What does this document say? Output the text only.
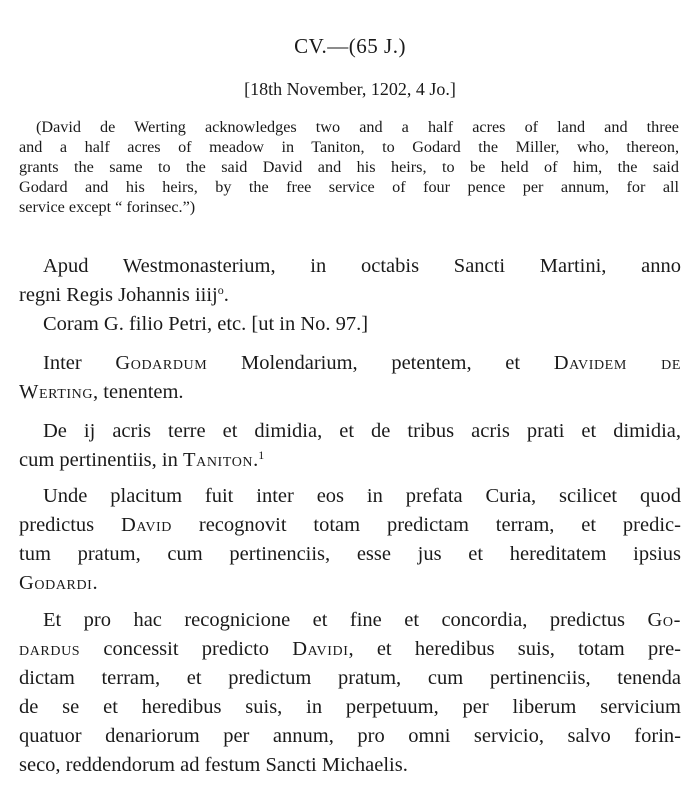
CV.—(65 J.)
[18th November, 1202, 4 Jo.]
(David de Werting acknowledges two and a half acres of land and three
and a half acres of meadow in Taniton, to Godard the Miller, who, thereon,
grants the same to the said David and his heirs, to be held of him, the said
Godard and his heirs, by the free service of four pence per annum, for all
service except “ forinsec.”)
Apud Westmonasterium, in octabis Sancti Martini, anno
regni Regis Johannis iiij$^o$.
Coram G. filio Petri, etc. [ut in No. 97.]
Inter Godardum Molendarium, petentem, et Davidem de
Werting, tenentem.
De ij acris terre et dimidia, et de tribus acris prati et dimidia,
cum pertinentiis, in Taniton.$^1$
Unde placitum fuit inter eos in prefata Curia, scilicet quod
predictus David recognovit totam predictam terram, et predic-
tum pratum, cum pertinenciis, esse jus et hereditatem ipsius
Godardi.
Et pro hac recognicione et fine et concordia, predictus Go-
dardus concessit predicto Davidi, et heredibus suis, totam pre-
dictam terram, et predictum pratum, cum pertinenciis, tenenda
de se et heredibus suis, in perpetuum, per liberum servicium
quatuor denariorum per annum, pro omni servicio, salvo forin-
seco, reddendorum ad festum Sancti Michaelis.
